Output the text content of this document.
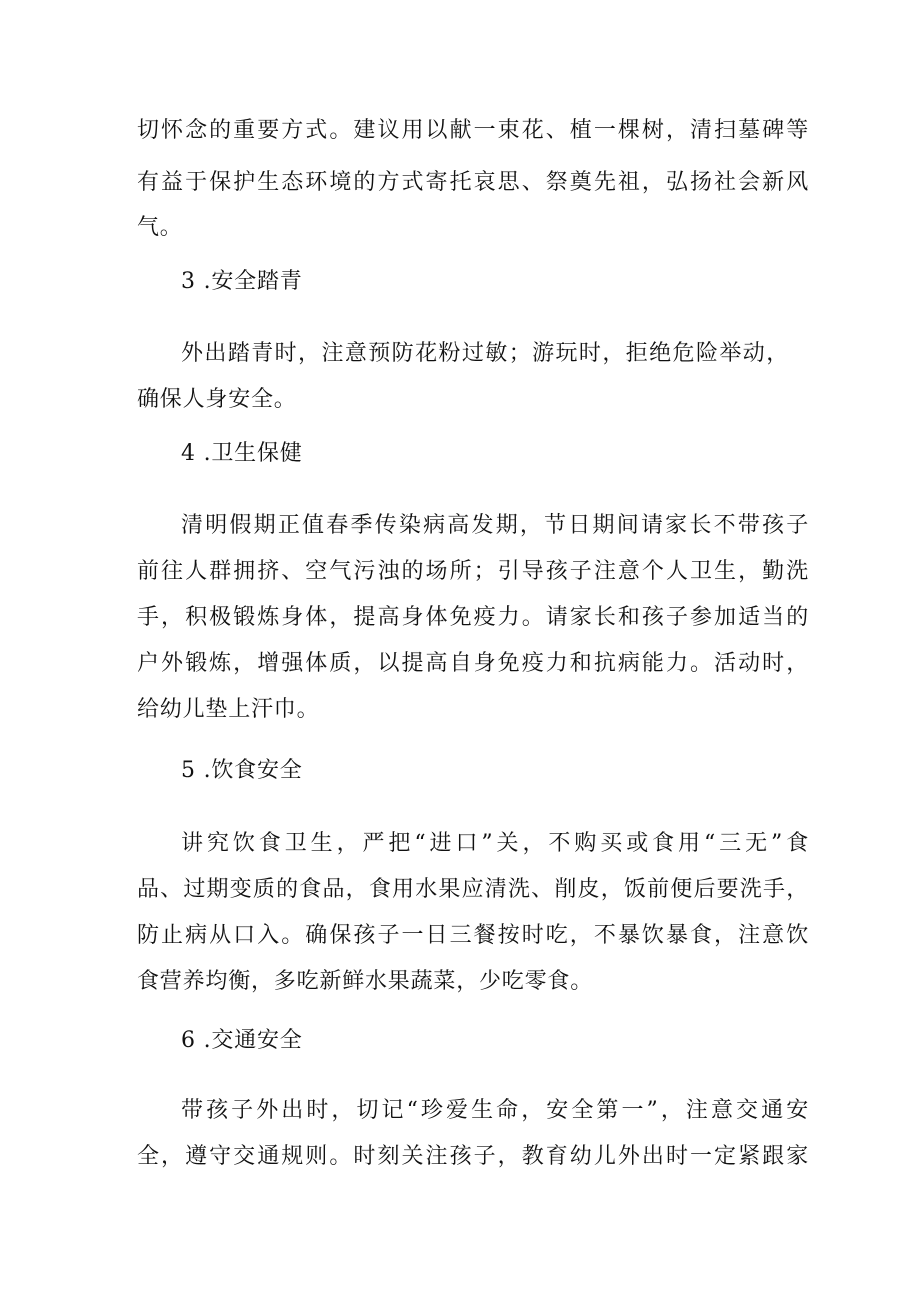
切怀念的重要方式。建议用以献一束花、植一棵树，清扫墓碑等
有益于保护生态环境的方式寄托哀思、祭奠先祖，弘扬社会新风
气。
3 .安全踏青
外出踏青时，注意预防花粉过敏；游玩时，拒绝危险举动，
确保人身安全。
4 .卫生保健
清明假期正值春季传染病高发期，节日期间请家长不带孩子
前往人群拥挤、空气污浊的场所；引导孩子注意个人卫生，勤洗
手，积极锻炼身体，提高身体免疫力。请家长和孩子参加适当的
户外锻炼，增强体质，以提高自身免疫力和抗病能力。活动时，
给幼儿垫上汗巾。
5 .饮食安全
讲究饮食卫生，严把“进口”关，不购买或食用“三无”食
品、过期变质的食品，食用水果应清洗、削皮，饭前便后要洗手，
防止病从口入。确保孩子一日三餐按时吃，不暴饮暴食，注意饮
食营养均衡，多吃新鲜水果蔬菜，少吃零食。
6 .交通安全
带孩子外出时，切记“珍爱生命，安全第一”，注意交通安
全，遵守交通规则。时刻关注孩子，教育幼儿外出时一定紧跟家
